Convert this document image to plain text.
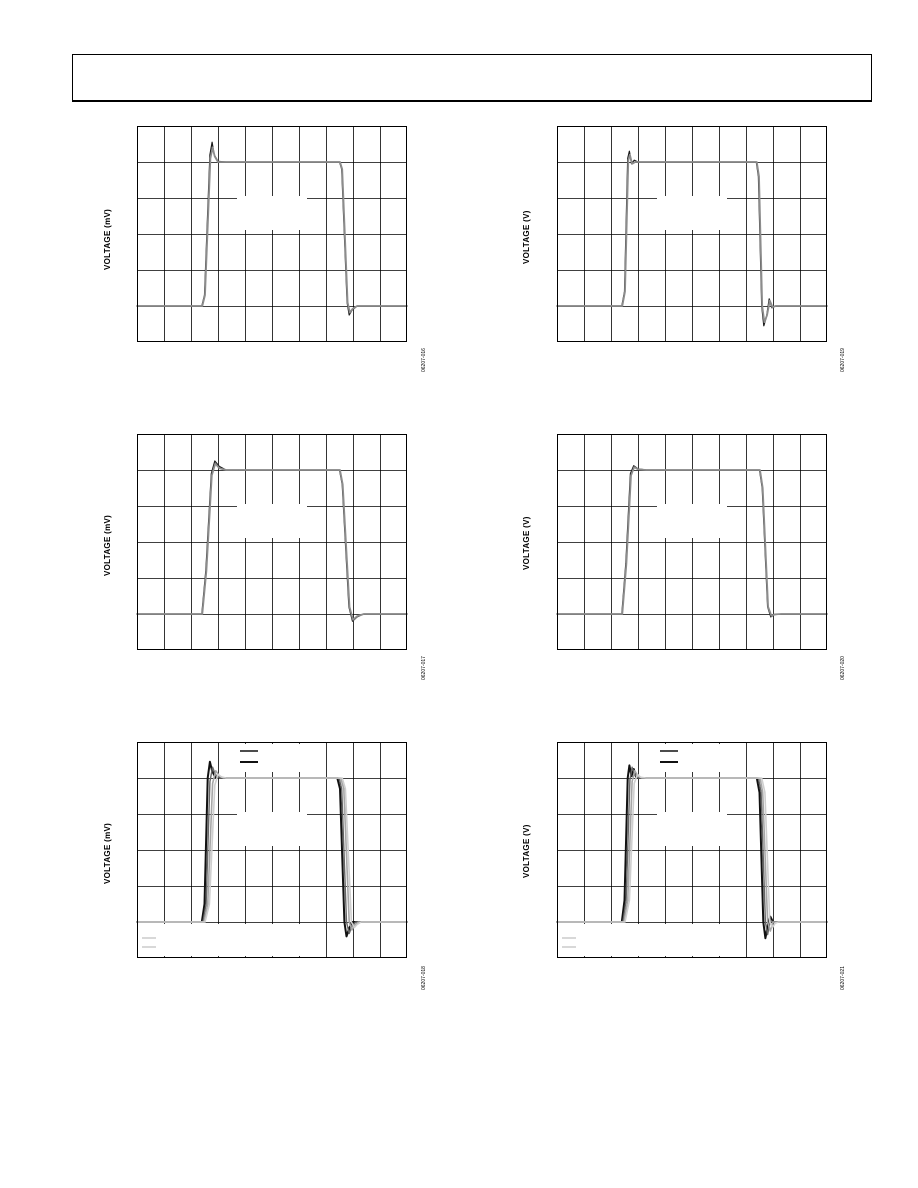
VOLTAGE (mV)
06207-016
VOLTAGE (mV)
06207-017
VOLTAGE (mV)
06207-018
VOLTAGE (V)
06207-019
VOLTAGE (V)
06207-020
VOLTAGE (V)
06207-021
